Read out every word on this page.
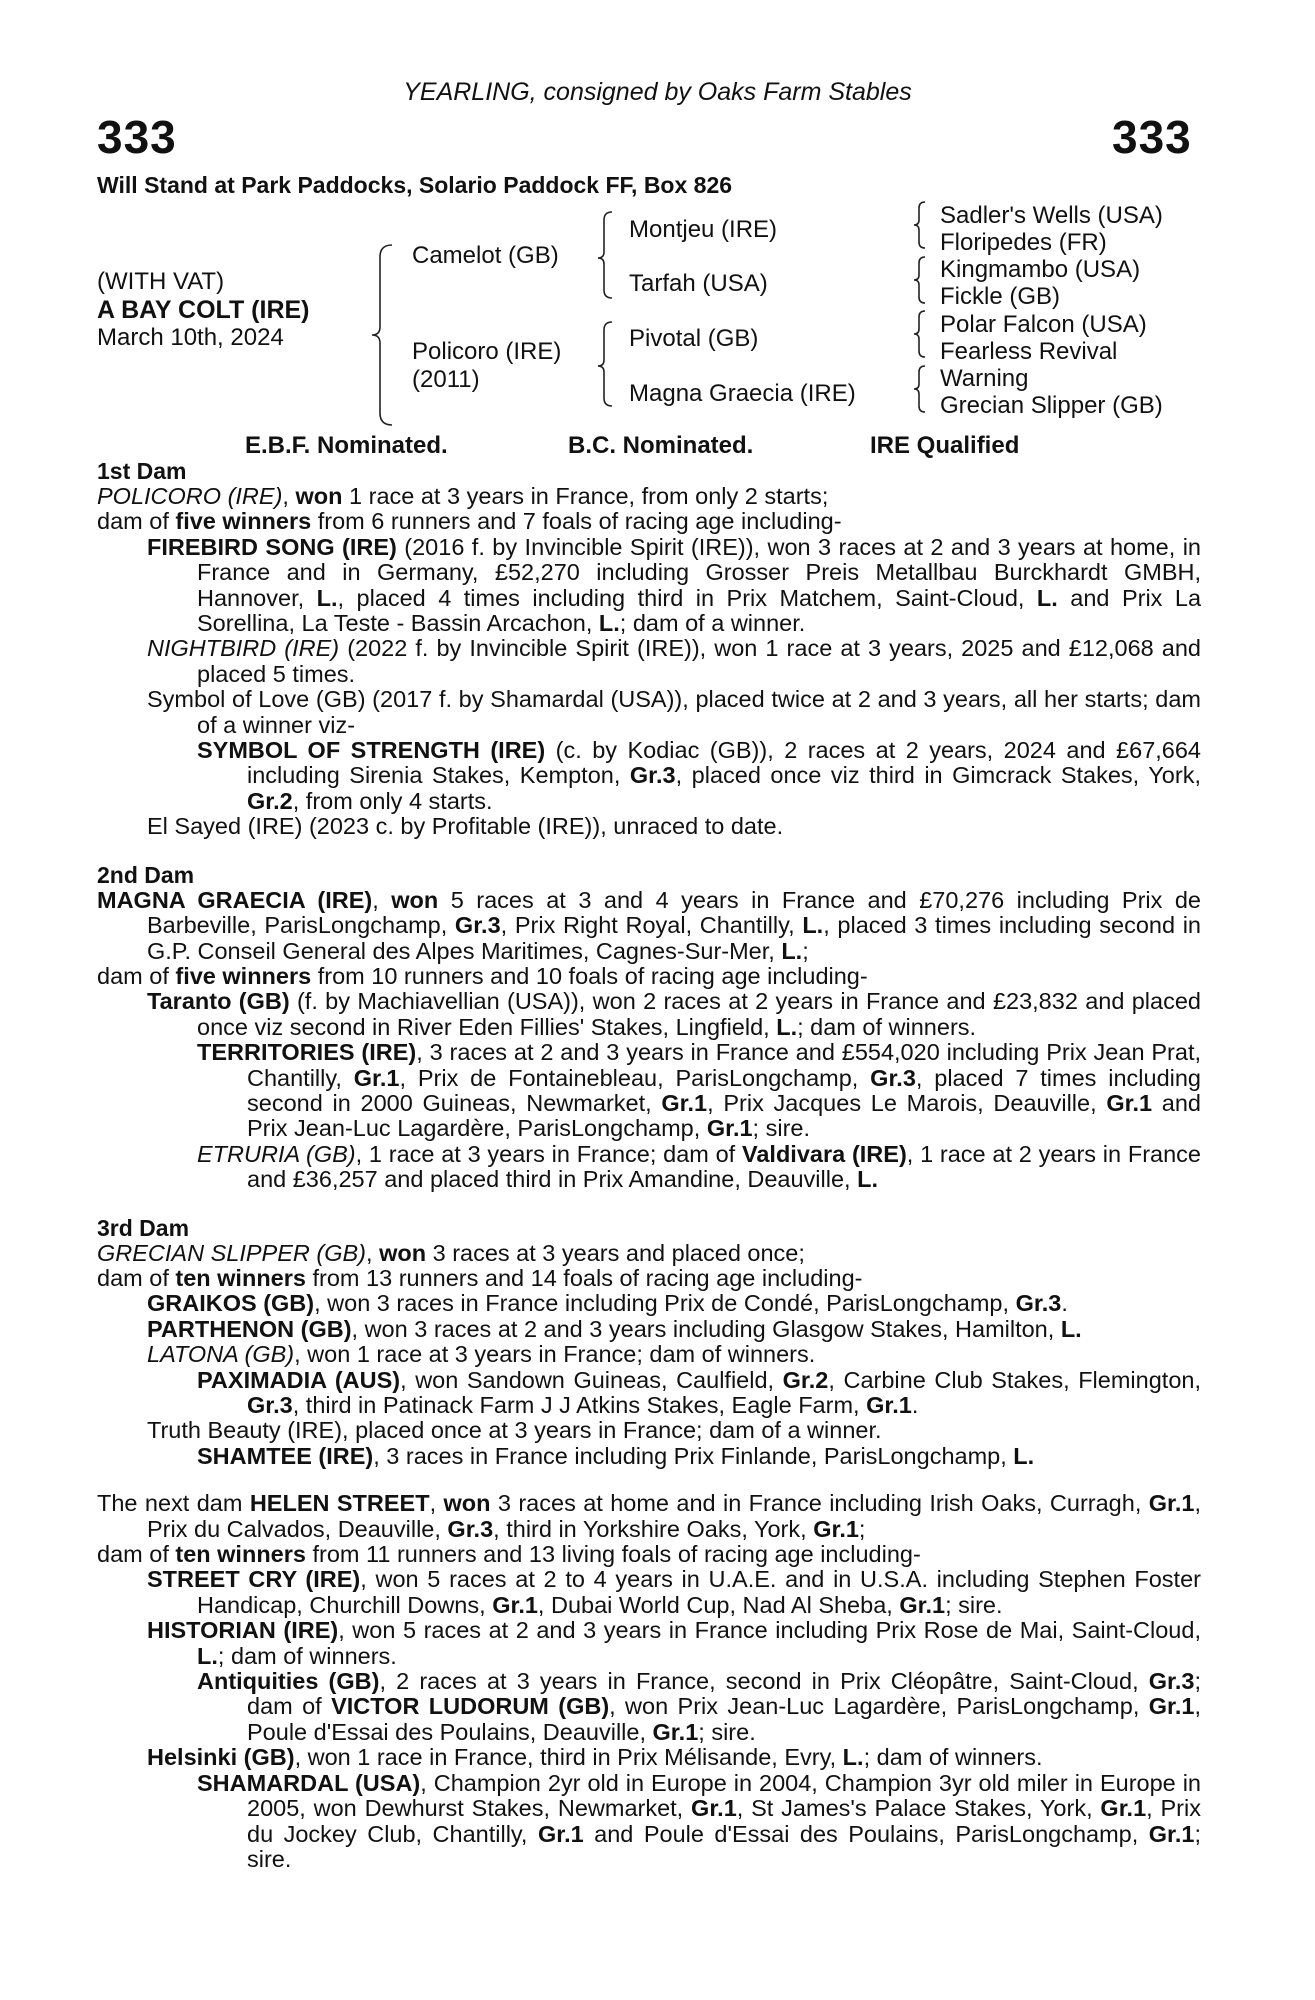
YEARLING, consigned by Oaks Farm Stables
333	333
Will Stand at Park Paddocks, Solario Paddock FF, Box 826
(WITH VAT)
A BAY COLT (IRE)
March 10th, 2024
Camelot (GB)
Policoro (IRE)
(2011)
Montjeu (IRE)
Tarfah (USA)
Pivotal (GB)
Magna Graecia (IRE)
Sadler's Wells (USA)
Floripedes (FR)
Kingmambo (USA)
Fickle (GB)
Polar Falcon (USA)
Fearless Revival
Warning
Grecian Slipper (GB)
E.B.F. Nominated.	B.C. Nominated.	IRE Qualified
1st Dam
POLICORO (IRE), won 1 race at 3 years in France, from only 2 starts;
dam of five winners from 6 runners and 7 foals of racing age including-
FIREBIRD SONG (IRE) (2016 f. by Invincible Spirit (IRE)), won 3 races at 2 and 3 years at home, in France and in Germany, £52,270 including Grosser Preis Metallbau Burckhardt GMBH, Hannover, L., placed 4 times including third in Prix Matchem, Saint-Cloud, L. and Prix La Sorellina, La Teste - Bassin Arcachon, L.; dam of a winner.
NIGHTBIRD (IRE) (2022 f. by Invincible Spirit (IRE)), won 1 race at 3 years, 2025 and £12,068 and placed 5 times.
Symbol of Love (GB) (2017 f. by Shamardal (USA)), placed twice at 2 and 3 years, all her starts; dam of a winner viz-
SYMBOL OF STRENGTH (IRE) (c. by Kodiac (GB)), 2 races at 2 years, 2024 and £67,664 including Sirenia Stakes, Kempton, Gr.3, placed once viz third in Gimcrack Stakes, York, Gr.2, from only 4 starts.
El Sayed (IRE) (2023 c. by Profitable (IRE)), unraced to date.
2nd Dam
MAGNA GRAECIA (IRE), won 5 races at 3 and 4 years in France and £70,276 including Prix de Barbeville, ParisLongchamp, Gr.3, Prix Right Royal, Chantilly, L., placed 3 times including second in G.P. Conseil General des Alpes Maritimes, Cagnes-Sur-Mer, L.;
dam of five winners from 10 runners and 10 foals of racing age including-
Taranto (GB) (f. by Machiavellian (USA)), won 2 races at 2 years in France and £23,832 and placed once viz second in River Eden Fillies' Stakes, Lingfield, L.; dam of winners.
TERRITORIES (IRE), 3 races at 2 and 3 years in France and £554,020 including Prix Jean Prat, Chantilly, Gr.1, Prix de Fontainebleau, ParisLongchamp, Gr.3, placed 7 times including second in 2000 Guineas, Newmarket, Gr.1, Prix Jacques Le Marois, Deauville, Gr.1 and Prix Jean-Luc Lagardère, ParisLongchamp, Gr.1; sire.
ETRURIA (GB), 1 race at 3 years in France; dam of Valdivara (IRE), 1 race at 2 years in France and £36,257 and placed third in Prix Amandine, Deauville, L.
3rd Dam
GRECIAN SLIPPER (GB), won 3 races at 3 years and placed once;
dam of ten winners from 13 runners and 14 foals of racing age including-
GRAIKOS (GB), won 3 races in France including Prix de Condé, ParisLongchamp, Gr.3.
PARTHENON (GB), won 3 races at 2 and 3 years including Glasgow Stakes, Hamilton, L.
LATONA (GB), won 1 race at 3 years in France; dam of winners.
PAXIMADIA (AUS), won Sandown Guineas, Caulfield, Gr.2, Carbine Club Stakes, Flemington, Gr.3, third in Patinack Farm J J Atkins Stakes, Eagle Farm, Gr.1.
Truth Beauty (IRE), placed once at 3 years in France; dam of a winner.
SHAMTEE (IRE), 3 races in France including Prix Finlande, ParisLongchamp, L.
The next dam HELEN STREET, won 3 races at home and in France including Irish Oaks, Curragh, Gr.1, Prix du Calvados, Deauville, Gr.3, third in Yorkshire Oaks, York, Gr.1;
dam of ten winners from 11 runners and 13 living foals of racing age including-
STREET CRY (IRE), won 5 races at 2 to 4 years in U.A.E. and in U.S.A. including Stephen Foster Handicap, Churchill Downs, Gr.1, Dubai World Cup, Nad Al Sheba, Gr.1; sire.
HISTORIAN (IRE), won 5 races at 2 and 3 years in France including Prix Rose de Mai, Saint-Cloud, L.; dam of winners.
Antiquities (GB), 2 races at 3 years in France, second in Prix Cléopâtre, Saint-Cloud, Gr.3; dam of VICTOR LUDORUM (GB), won Prix Jean-Luc Lagardère, ParisLongchamp, Gr.1, Poule d'Essai des Poulains, Deauville, Gr.1; sire.
Helsinki (GB), won 1 race in France, third in Prix Mélisande, Evry, L.; dam of winners.
SHAMARDAL (USA), Champion 2yr old in Europe in 2004, Champion 3yr old miler in Europe in 2005, won Dewhurst Stakes, Newmarket, Gr.1, St James's Palace Stakes, York, Gr.1, Prix du Jockey Club, Chantilly, Gr.1 and Poule d'Essai des Poulains, ParisLongchamp, Gr.1; sire.
